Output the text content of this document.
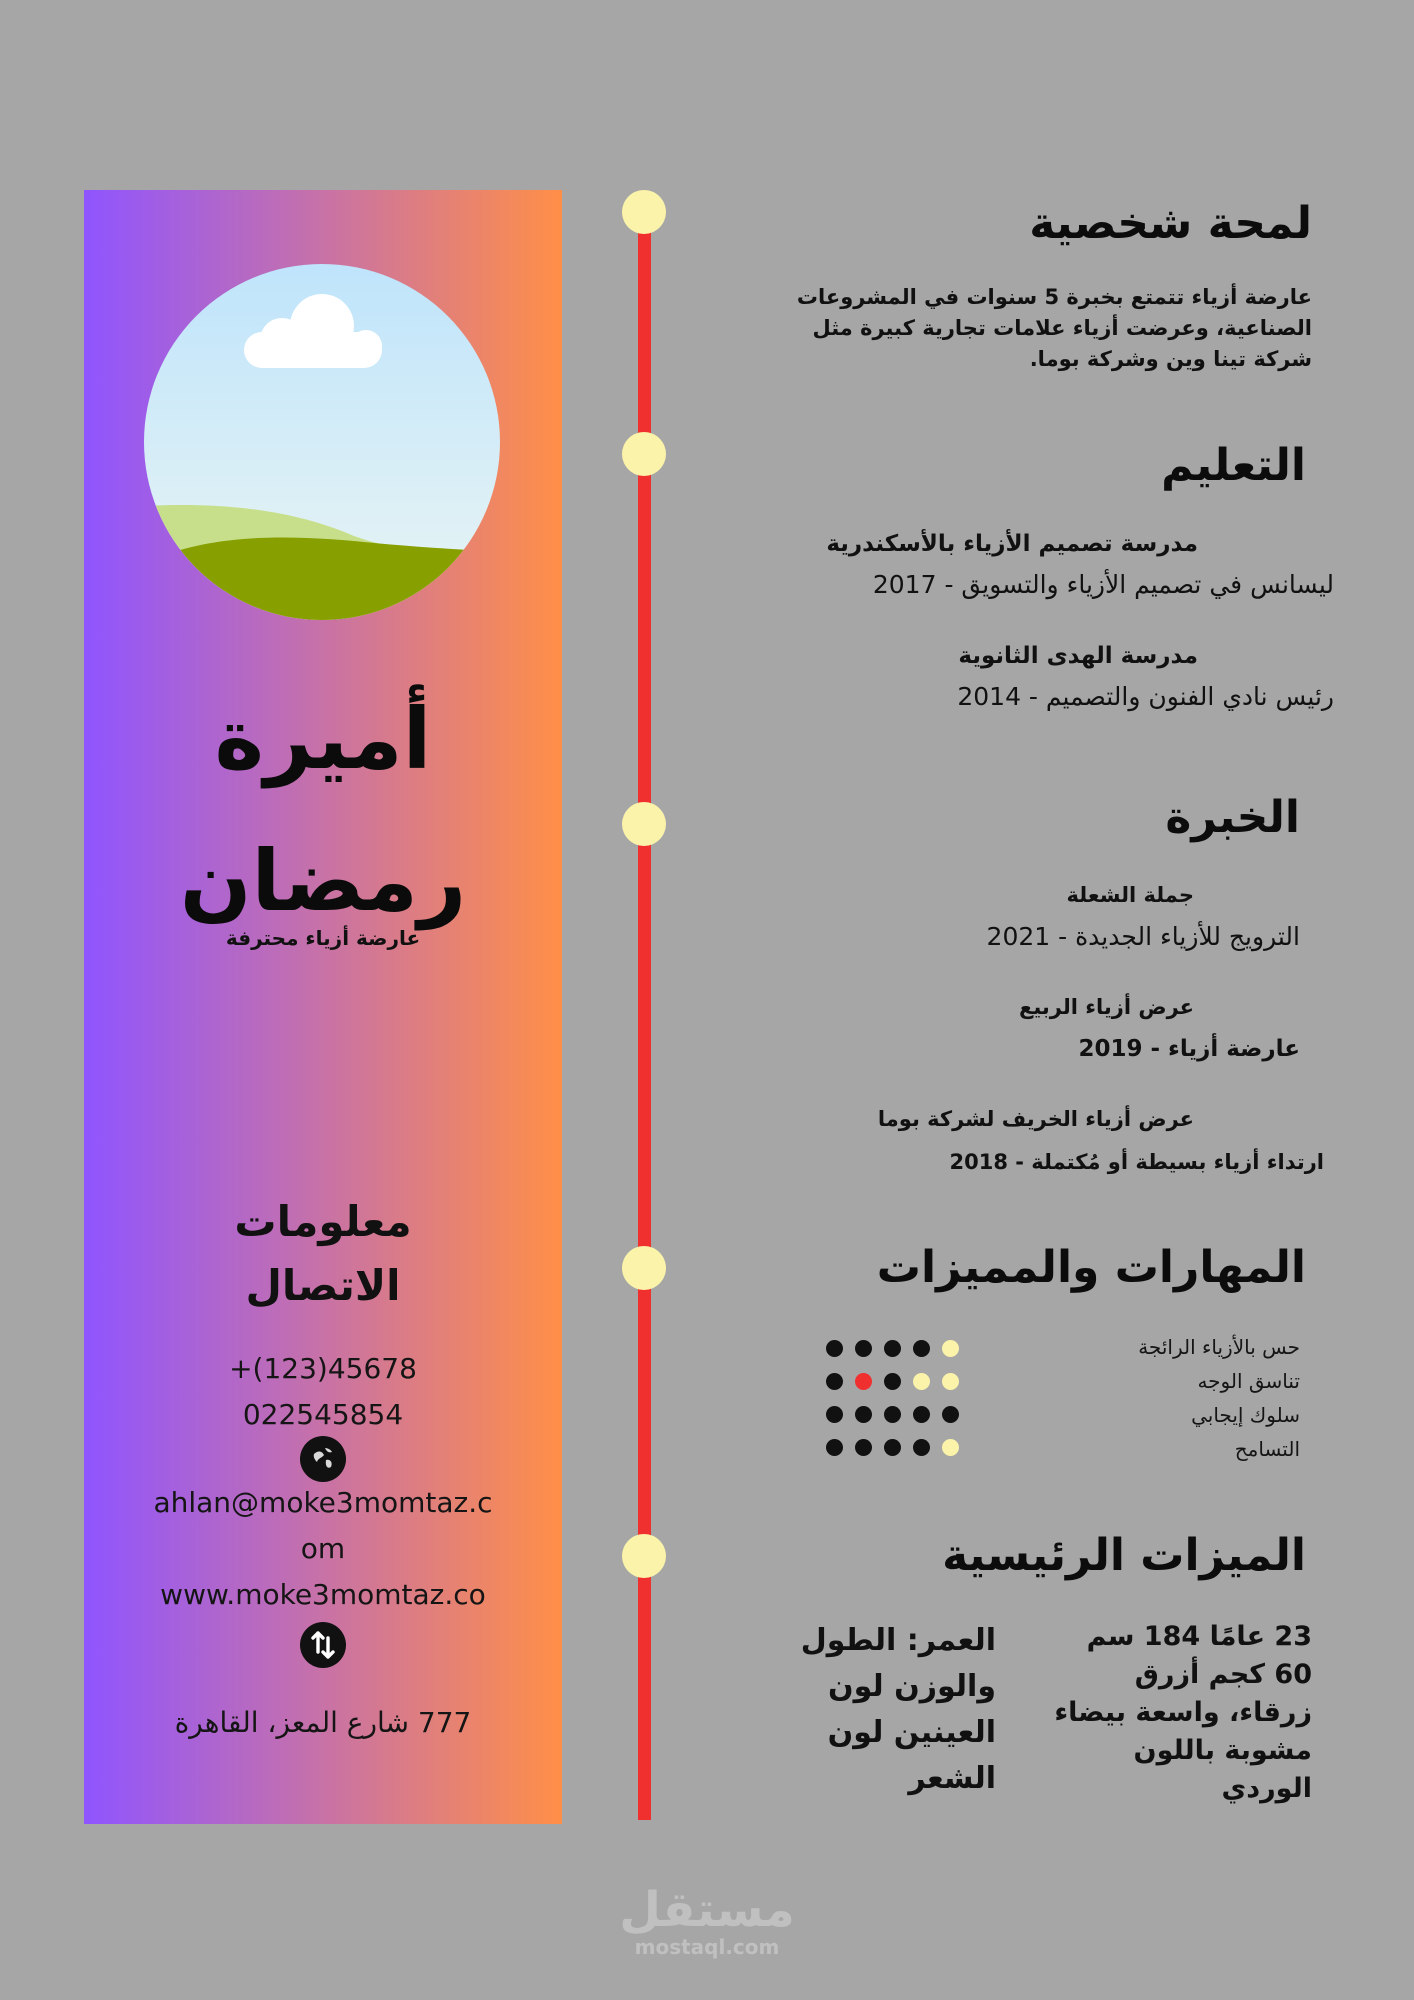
أميرة
رمضان
عارضة أزياء محترفة
معلومات
الاتصال
+(123)45678
022545854
ahlan@moke3momtaz.c
om
www.moke3momtaz.co
777 شارع المعز، القاهرة
لمحة شخصية
عارضة أزياء تتمتع بخبرة 5 سنوات في المشروعات الصناعية، وعرضت أزياء علامات تجارية كبيرة مثل شركة تينا وين وشركة بوما.
التعليم
مدرسة تصميم الأزياء بالأسكندرية
ليسانس في تصميم الأزياء والتسويق - 2017
مدرسة الهدى الثانوية
رئيس نادي الفنون والتصميم - 2014
الخبرة
جملة الشعلة
الترويج للأزياء الجديدة - 2021
عرض أزياء الربيع
عارضة أزياء - 2019
عرض أزياء الخريف لشركة بوما
ارتداء أزياء بسيطة أو مُكتملة - 2018
المهارات والمميزات
حس بالأزياء الرائجة
تناسق الوجه
سلوك إيجابي
التسامح
الميزات الرئيسية
العمر: الطول والوزن لون العينين لون الشعر
23 عامًا 184 سم 60 كجم أزرق زرقاء، واسعة بيضاء مشوبة باللون الوردي
مستقل
mostaql.com
